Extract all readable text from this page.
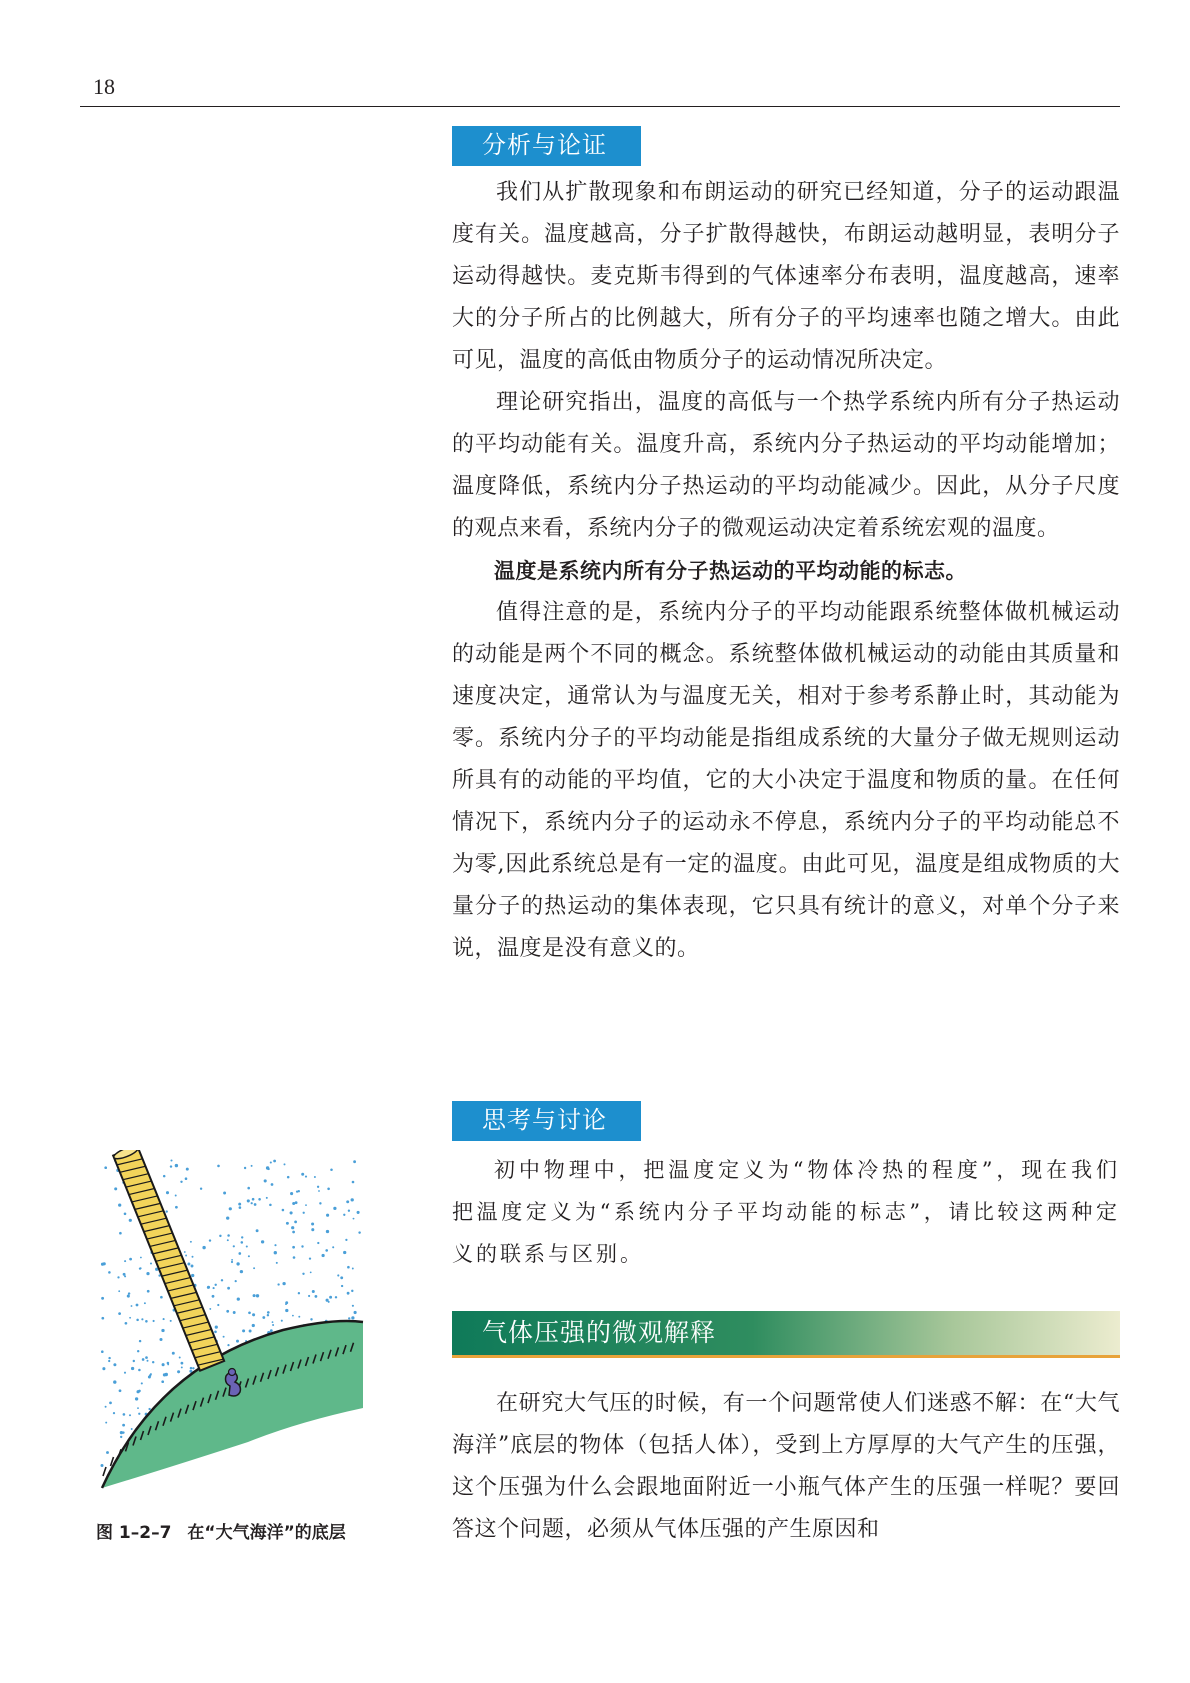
18
分析与论证

我们从扩散现象和布朗运动的研究已经知道，分子的运动跟温度有关。温度越高，分子扩散得越快，布朗运动越明显，表明分子运动得越快。麦克斯韦得到的气体速率分布表明，温度越高，速率大的分子所占的比例越大，所有分子的平均速率也随之增大。由此可见，温度的高低由物质分子的运动情况所决定。

理论研究指出，温度的高低与一个热学系统内所有分子热运动的平均动能有关。温度升高，系统内分子热运动的平均动能增加；温度降低，系统内分子热运动的平均动能减少。因此，从分子尺度的观点来看，系统内分子的微观运动决定着系统宏观的温度。

温度是系统内所有分子热运动的平均动能的标志。

值得注意的是，系统内分子的平均动能跟系统整体做机械运动的动能是两个不同的概念。系统整体做机械运动的动能由其质量和速度决定，通常认为与温度无关，相对于参考系静止时，其动能为零。系统内分子的平均动能是指组成系统的大量分子做无规则运动所具有的动能的平均值，它的大小决定于温度和物质的量。在任何情况下，系统内分子的运动永不停息，系统内分子的平均动能总不为零,因此系统总是有一定的温度。由此可见，温度是组成物质的大量分子的热运动的集体表现，它只具有统计的意义，对单个分子来说，温度是没有意义的。

思考与讨论

初中物理中，把温度定义为“物体冷热的程度”，现在我们把温度定义为“系统内分子平均动能的标志”，请比较这两种定义的联系与区别。

气体压强的微观解释

在研究大气压的时候，有一个问题常使人们迷惑不解：在“大气海洋”底层的物体（包括人体），受到上方厚厚的大气产生的压强，这个压强为什么会跟地面附近一小瓶气体产生的压强一样呢？要回答这个问题，必须从气体压强的产生原因和

图 1–2–7 在“大气海洋”的底层
